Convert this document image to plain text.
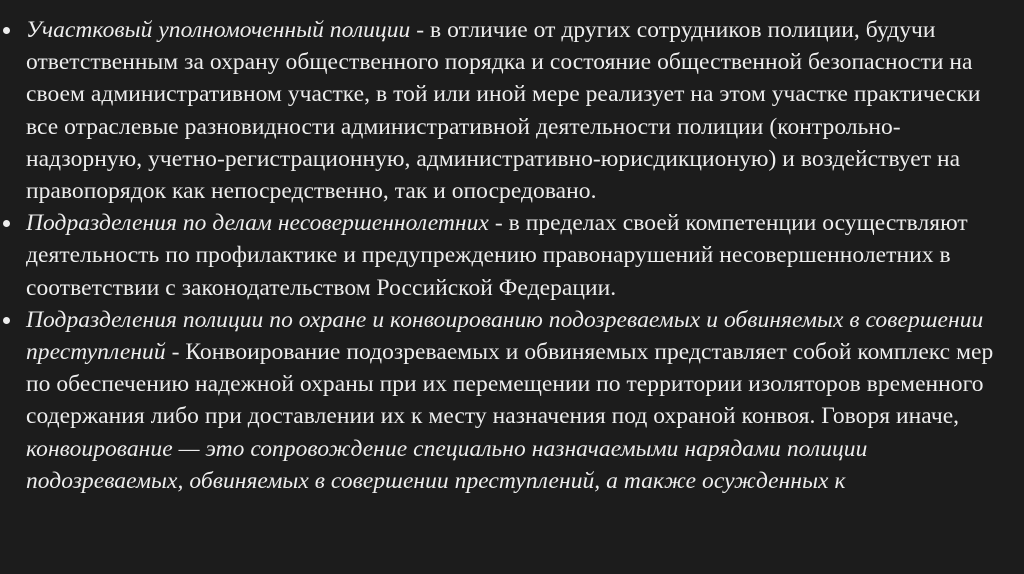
Участковый уполномоченный полиции - в отличие от других сотрудников полиции, будучи ответственным за охрану общественного порядка и состояние общественной безопасности на своем административном участке, в той или иной мере реализует на этом участке практически все отраслевые разновидности административной деятельности полиции (контрольно-надзорную, учетно-регистрационную, административно-юрисдикционую) и воздействует на правопорядок как непосредственно, так и опосредовано.
Подразделения по делам несовершеннолетних - в пределах своей компетенции осуществляют деятельность по профилактике и предупреждению правонарушений несовершеннолетних в соответствии с законодательством Российской Федерации.
Подразделения полиции по охране и конвоированию подозреваемых и обвиняемых в совершении преступлений - Конвоирование подозреваемых и обвиняемых представляет собой комплекс мер по обеспечению надежной охраны при их перемещении по территории изоляторов временного содержания либо при доставлении их к месту назначения под охраной конвоя. Говоря иначе, конвоирование — это сопровождение специально назначаемыми нарядами полиции подозреваемых, обвиняемых в совершении преступлений, а также осужденных к
